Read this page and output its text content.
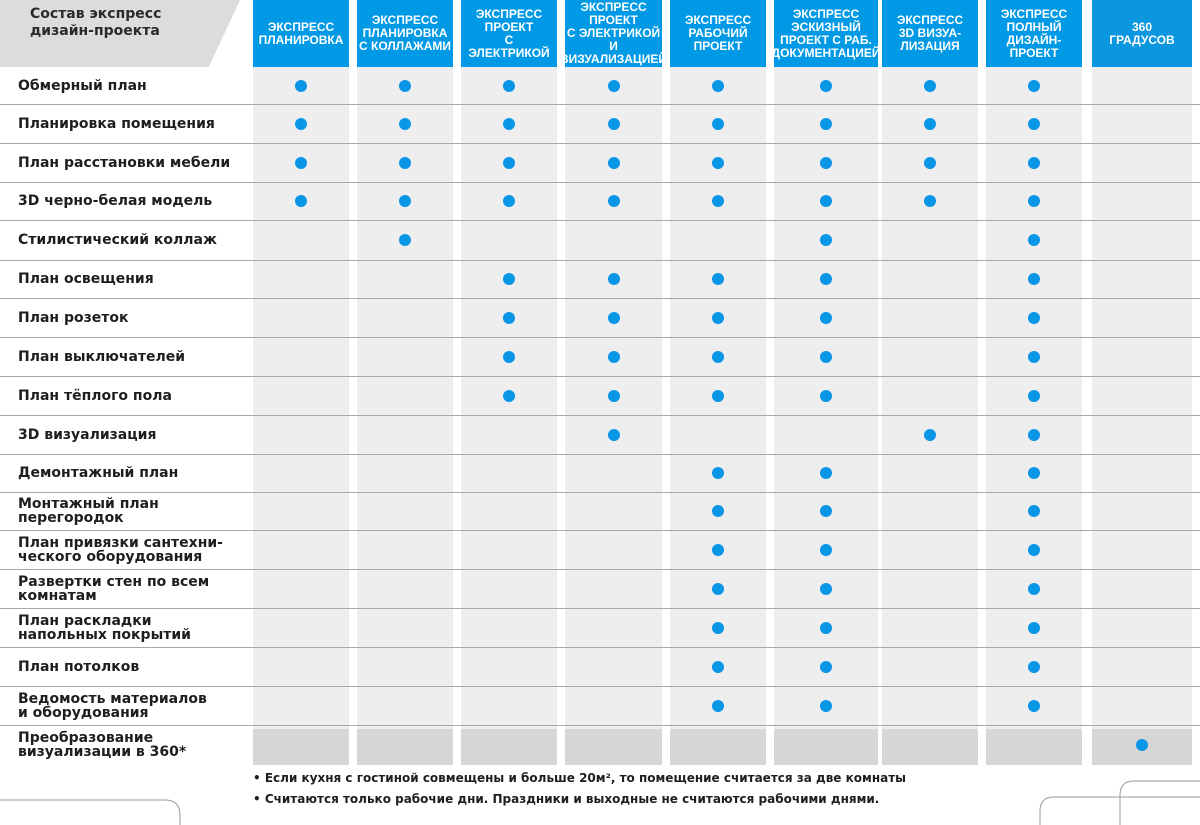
Состав экспресс
дизайн-проекта	ЭКСПРЕСС
ПЛАНИРОВКА
ЭКСПРЕСС
ПЛАНИРОВКА
С КОЛЛАЖАМИ
ЭКСПРЕСС
ПРОЕКТ
С ЭЛЕКТРИКОЙ
ЭКСПРЕСС ПРОЕКТ
С ЭЛЕКТРИКОЙ
И ВИЗУАЛИЗАЦИЕЙ
ЭКСПРЕСС
РАБОЧИЙ
ПРОЕКТ
ЭКСПРЕСС
ЭСКИЗНЫЙ
ПРОЕКТ С РАБ.
ДОКУМЕНТАЦИЕЙ
ЭКСПРЕСС
3D ВИЗУА-
ЛИЗАЦИЯ
ЭКСПРЕСС
ПОЛНЫЙ
ДИЗАЙН-
ПРОЕКТ
360
ГРАДУСОВ
Обмерный план
Планировка помещения
План расстановки мебели
3D черно-белая модель
Стилистический коллаж
План освещения
План розеток
План выключателей
План тёплого пола
3D визуализация
Демонтажный план
Монтажный план
перегородок
План привязки сантехни-
ческого оборудования
Развертки стен по всем
комнатам
План раскладки
напольных покрытий
План потолков
Ведомость материалов
и оборудования
Преобразование
визуализации в 360*
• Если кухня с гостиной совмещены и больше 20м², то помещение считается за две комнаты
• Считаются только рабочие дни. Праздники и выходные не считаются рабочими днями.
